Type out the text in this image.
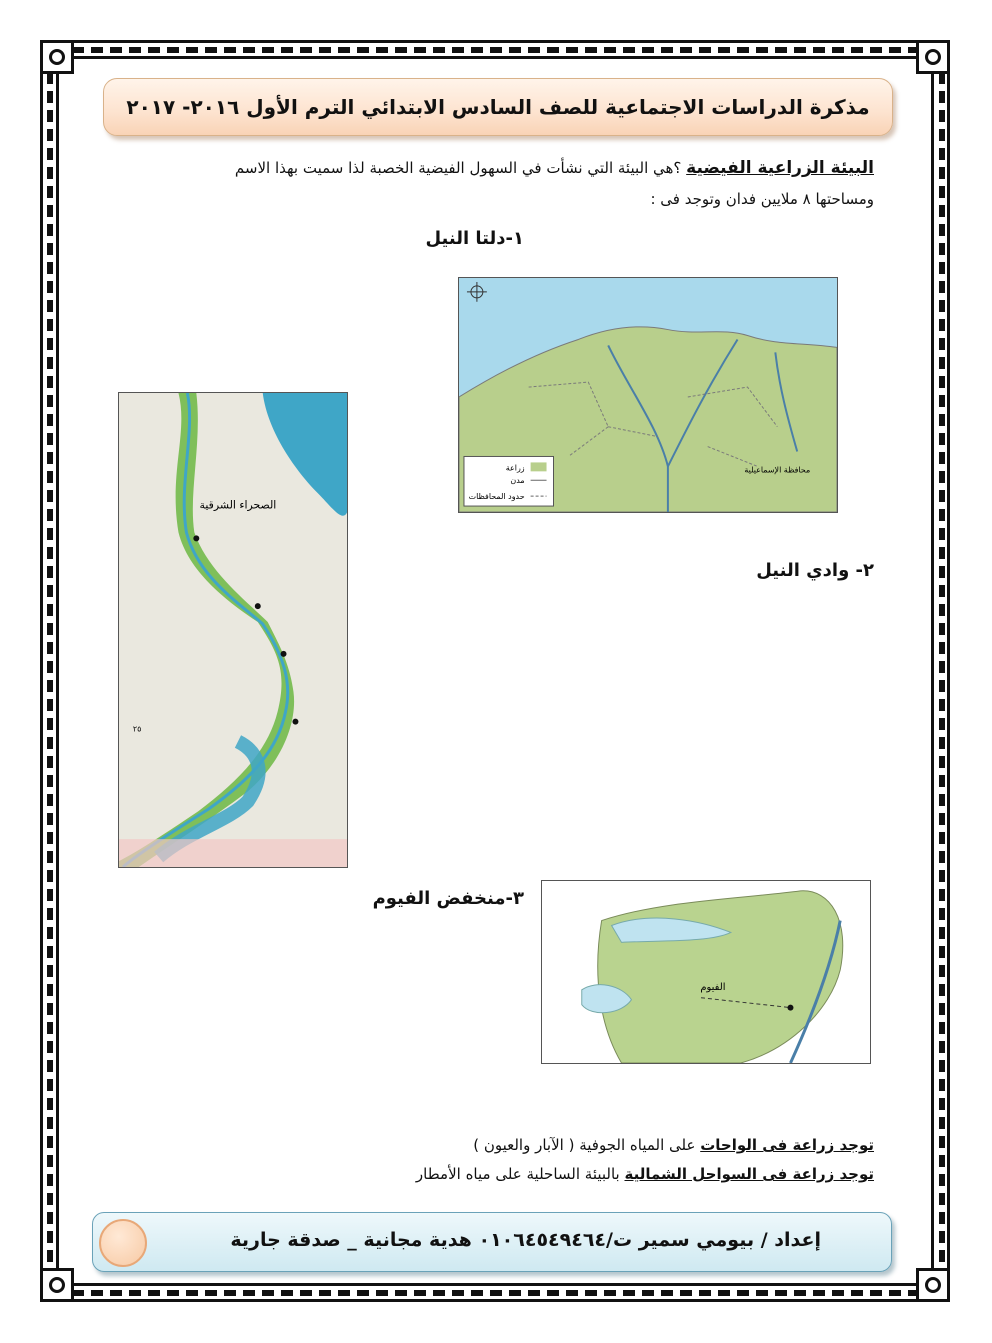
مذكرة الدراسات الاجتماعية للصف السادس الابتدائي الترم الأول ٢٠١٦- ٢٠١٧
البيئة الزراعية الفيضية ؟هي البيئة التي نشأت في السهول الفيضية الخصبة لذا سميت بهذا الاسم
ومساحتها ٨ ملايين فدان وتوجد فى :
١-دلتا النيل
٢- وادي النيل
٣-منخفض الفيوم
زراعة
مدن
حدود المحافظات
محافظة الإسماعيلية
الصحراء الشرقية
٢٥
الفيوم
توجد زراعة فى الواحات على المياه الجوفية ( الآبار والعيون )
توجد زراعة فى السواحل الشمالية بالبيئة الساحلية على مياه الأمطار
إعداد / بيومي سمير ت/٠١٠٦٤٥٤٩٤٦٤ هدية مجانية _ صدقة جارية
